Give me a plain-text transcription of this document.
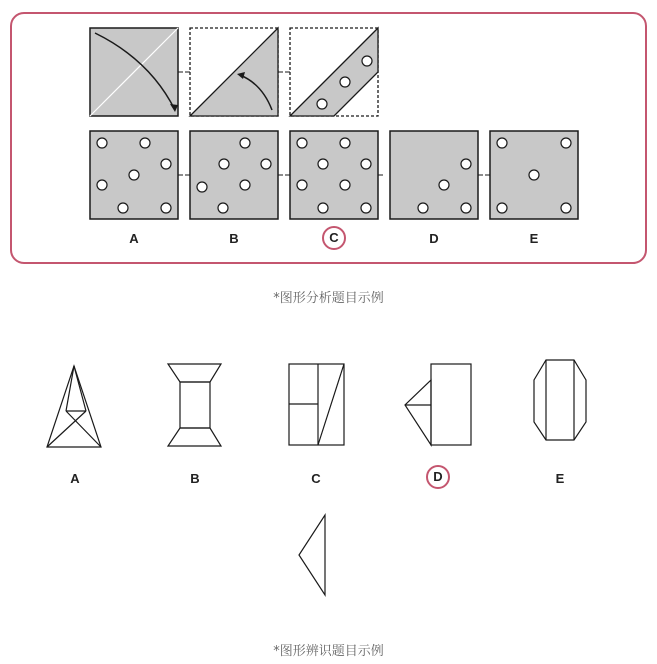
A	B	C	D	E
*图形分析题目示例
A	B	C	D	E
*图形辨识题目示例
